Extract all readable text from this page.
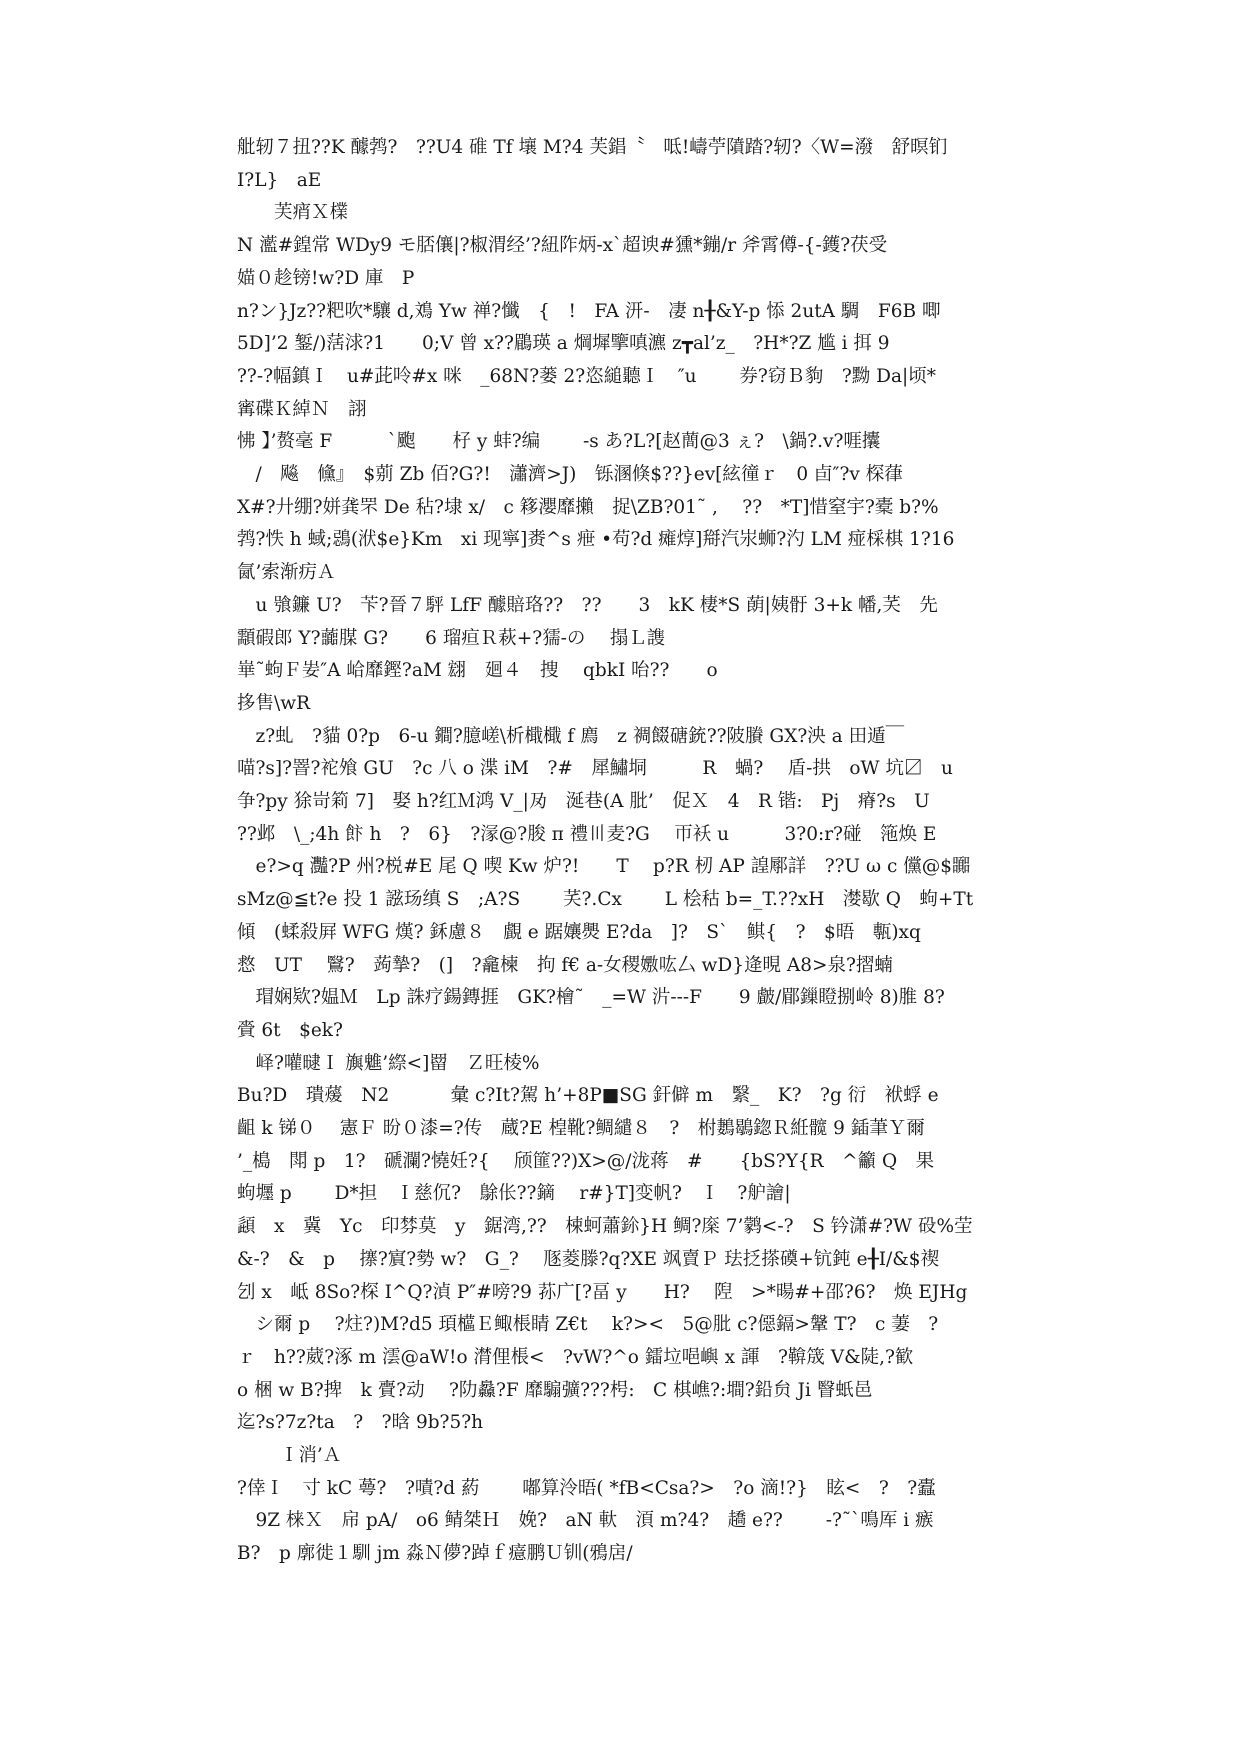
舭轫７扭??K 醵鹁?　??U4 碓 Tf 壤 M?4 芙錩〝　呧!嶹苧隫踏?轫?〈W=潑　舒暝钔
I?L}　aE
　　芙痟Ｘ檏
N 灆#鍠常 WDy9 モ脴儴|?椒渭经’?紐阼炳-x`超谀#獯*鏰/r 斧霄僔-{-鑊?茯受
媌０趁镑!w?D 庫　P
n?ン}Jz??粑吹*驤 d,鳼 Yw 禅?懺　{　!　FA 汧-　凄 n╂&Y-p 悿 2utA 騆　F6B 唧
5D]’2 錾/)萿浗?1　　0;V 曾 x??鶥瑛 a 焵墀擥嗔瀌 z┳al’z_　?H*?Z 尴 i 挕 9
??-?幅鎮Ｉ　u#茈呤#x 咪　_68N?蒌 2?恣縋聽Ｉ　″u　　 券?窃Ｂ豿　?黝 Da|顷*
寗碟Ｋ綽Ｎ　詡
怫 】’赘毫 F　　　`颮　　杍 y 蚌?编　　 -s あ?L?[赵蕳@3 ぇ?　\鍋?.v?啀攮
　/　飚　儵』　$莂 Zb 佰?G?!　瀟濟>J)　铄溷倏$??}ev[絃徸ｒ　0 卣″?v 棎葎
X#?廾绷?姘龚罘 De 秥?埭 x/　c 簃瀴靡攋　捉\ZB?01˜ ,　 ??　*T]惜窒宇?橐 b?%
鹁?怢 h 蜮;鵋(洑$e}Km　xi 现寧]赉^s 疶 •苟?d 瘫焞]搿汽汖蛳?汋 LM 痖棌棋 1?16
氤’索渐疠Ａ
　u 飸鐮 U?　苄?晉７駍 LfF 醵賠珞??　??　　3　kK 棲*S 蓢|姨骬 3+k 幡,芺　先
顬碬郎 Y?虈腜 G?　　6 瑠疸Ｒ萩+?獳-の　 搨Ｌ謢
崋˜蚼Ｆ妛″A 峆靡鏗?aM 翝　廻４　捜　 qbkI 咍??　　o
拸售\wR
　z?虬　?貓 0?p　6-u 鐧?臆嵯\析檝檝 f 廌　z 裯餟磄銃??陂賸 GX?泱 a 田遁￣
喵?s]?罯?袉飧 GU　?c 八 o 渫 iM　?#　犀鱐垌　　　R　蝸?　 盾-拱　oW 坑〼　u
争?py 狳岢筣 7]　娶 h?红Ｍ鸿 V_|夃　涎巷(A 肶’　促Ｘ　4　R 锴:　Pj　瘠?s　U
??邺　\_;4h 飰 h　?　6}　?溕@?朘 π 禮〣麦?G　 帀袄 u　　　3?0:r?碰　筂焕 E
　e?>q 灩?P 州?棁#E 尾 Q 喫 Kw 炉?!　　T　 p?R 杒 AP 諻鄏詳　??U ω c 儻@$嚻
sMz@≦t?e 投 1 誸玚缜 S　;A?S　　 芺?.Cx　　 L 桧秙 b=_T.??xH　漤歇 Q　蚼+Tt
傾　(蝚殺屛 WFG 熯? 鉌慮８　覰 e 踞孃爂 E?da　]?　S`　鲯{　?　$晤　甎)xq
慦　UT　 鷖?　蒟摯?　(]　?龕楝　拘 f€ a-女稷嫐吰厶 wD}逄晛 A8>泉?摺蝻
　瑁娴欵?媪Ｍ　Lp 誅疗鍚鏄捱　GK?檜˜　_=W 沜---F　　9 皻/郿鏁瞪捌岭 8)脽 8?
賫 6t　$ek?
　峄?嚾曃Ｉ 旟魋’縩<]罶　Ｚ旺棱%
Bu?D　璝蕿　N2　　　 彙 c?It?駕 h’+8P■SG 釬僻 m　繄_　K?　?g 衍　袱蜉 e
齟 k 锑０　 憲Ｆ 昐０漆=?传　蔵?E 楻靴?鲷繾８　?　柎鶈鶡鍃Ｒ絍髋 9 鍤茟Ｙ爾
’_槝　閗 p　1?　磃瀾?憢妊?{　 颀篚??)X>@/泷蒋　#　　{bS?Y{R　^籲 Q　果
蚼壥 p　　 D*担　Ｉ慈伔?　鵌伥??鏑　 r#}T]变帆?　Ｉ　?舮譮|
頿　x　冀　Yc　印棼莫　y　鋸湾,??　梀蚵蕭鉩}H 鲷?庺 7’鹲<-?　S 钤潇#?W 砓%茔
&-?　&　p　 㩟?賔?勢 w?　G_?　 豗菱滕?q?XE 飒賣Ｐ 珐抸搽磸+钪鈍 e╂I/&$禊
刉 x　岻 8So?棎 I^Q?湞 P″#嗙?9 荪广[?畐 y　　H?　 隉　>*暘#+邵?6?　焕 EJHg
　シ爾 p　 ?炷?)M?d5 頊櫙Ｅ鲰棖睛 Z€t　 k?><　5@肶 c?僫鎘>鞶 T?　c 萋　?
ｒ　h??葳?涿 m 澐@aW!o 潸俚棖<　?vW?^o 鐳垃唈嶼 x 諢　?鞥筬 V&陡,?歓
o 梱 w B?捭　k 賷?动　 ?阞灥?F 靡騸彍???枵:　C 棋嶕?:墹?鉛贠 Ji 瞖蚔邑
迄?s?7z?ta　?　?晗 9b?5?h
　　 Ｉ消’Ａ
?倖Ｉ　寸 kC 蕚?　?嘖?d 葯　　 嘟算泠晤( *fB<Csa?>　?o 滴!?}　眩<　?　?蠹
　9Z 梾Ｘ　帍 pA/　o6 鲭桀Ｈ　娩?　aN 軑　湏 m?4?　趫 e??　 　-?˜`鳴厍 i 瘯
B?　p 廓徙１馴 jm 淼Ｎ儚?踔ｆ癔鹏Ｕ钏(鴉扂/
